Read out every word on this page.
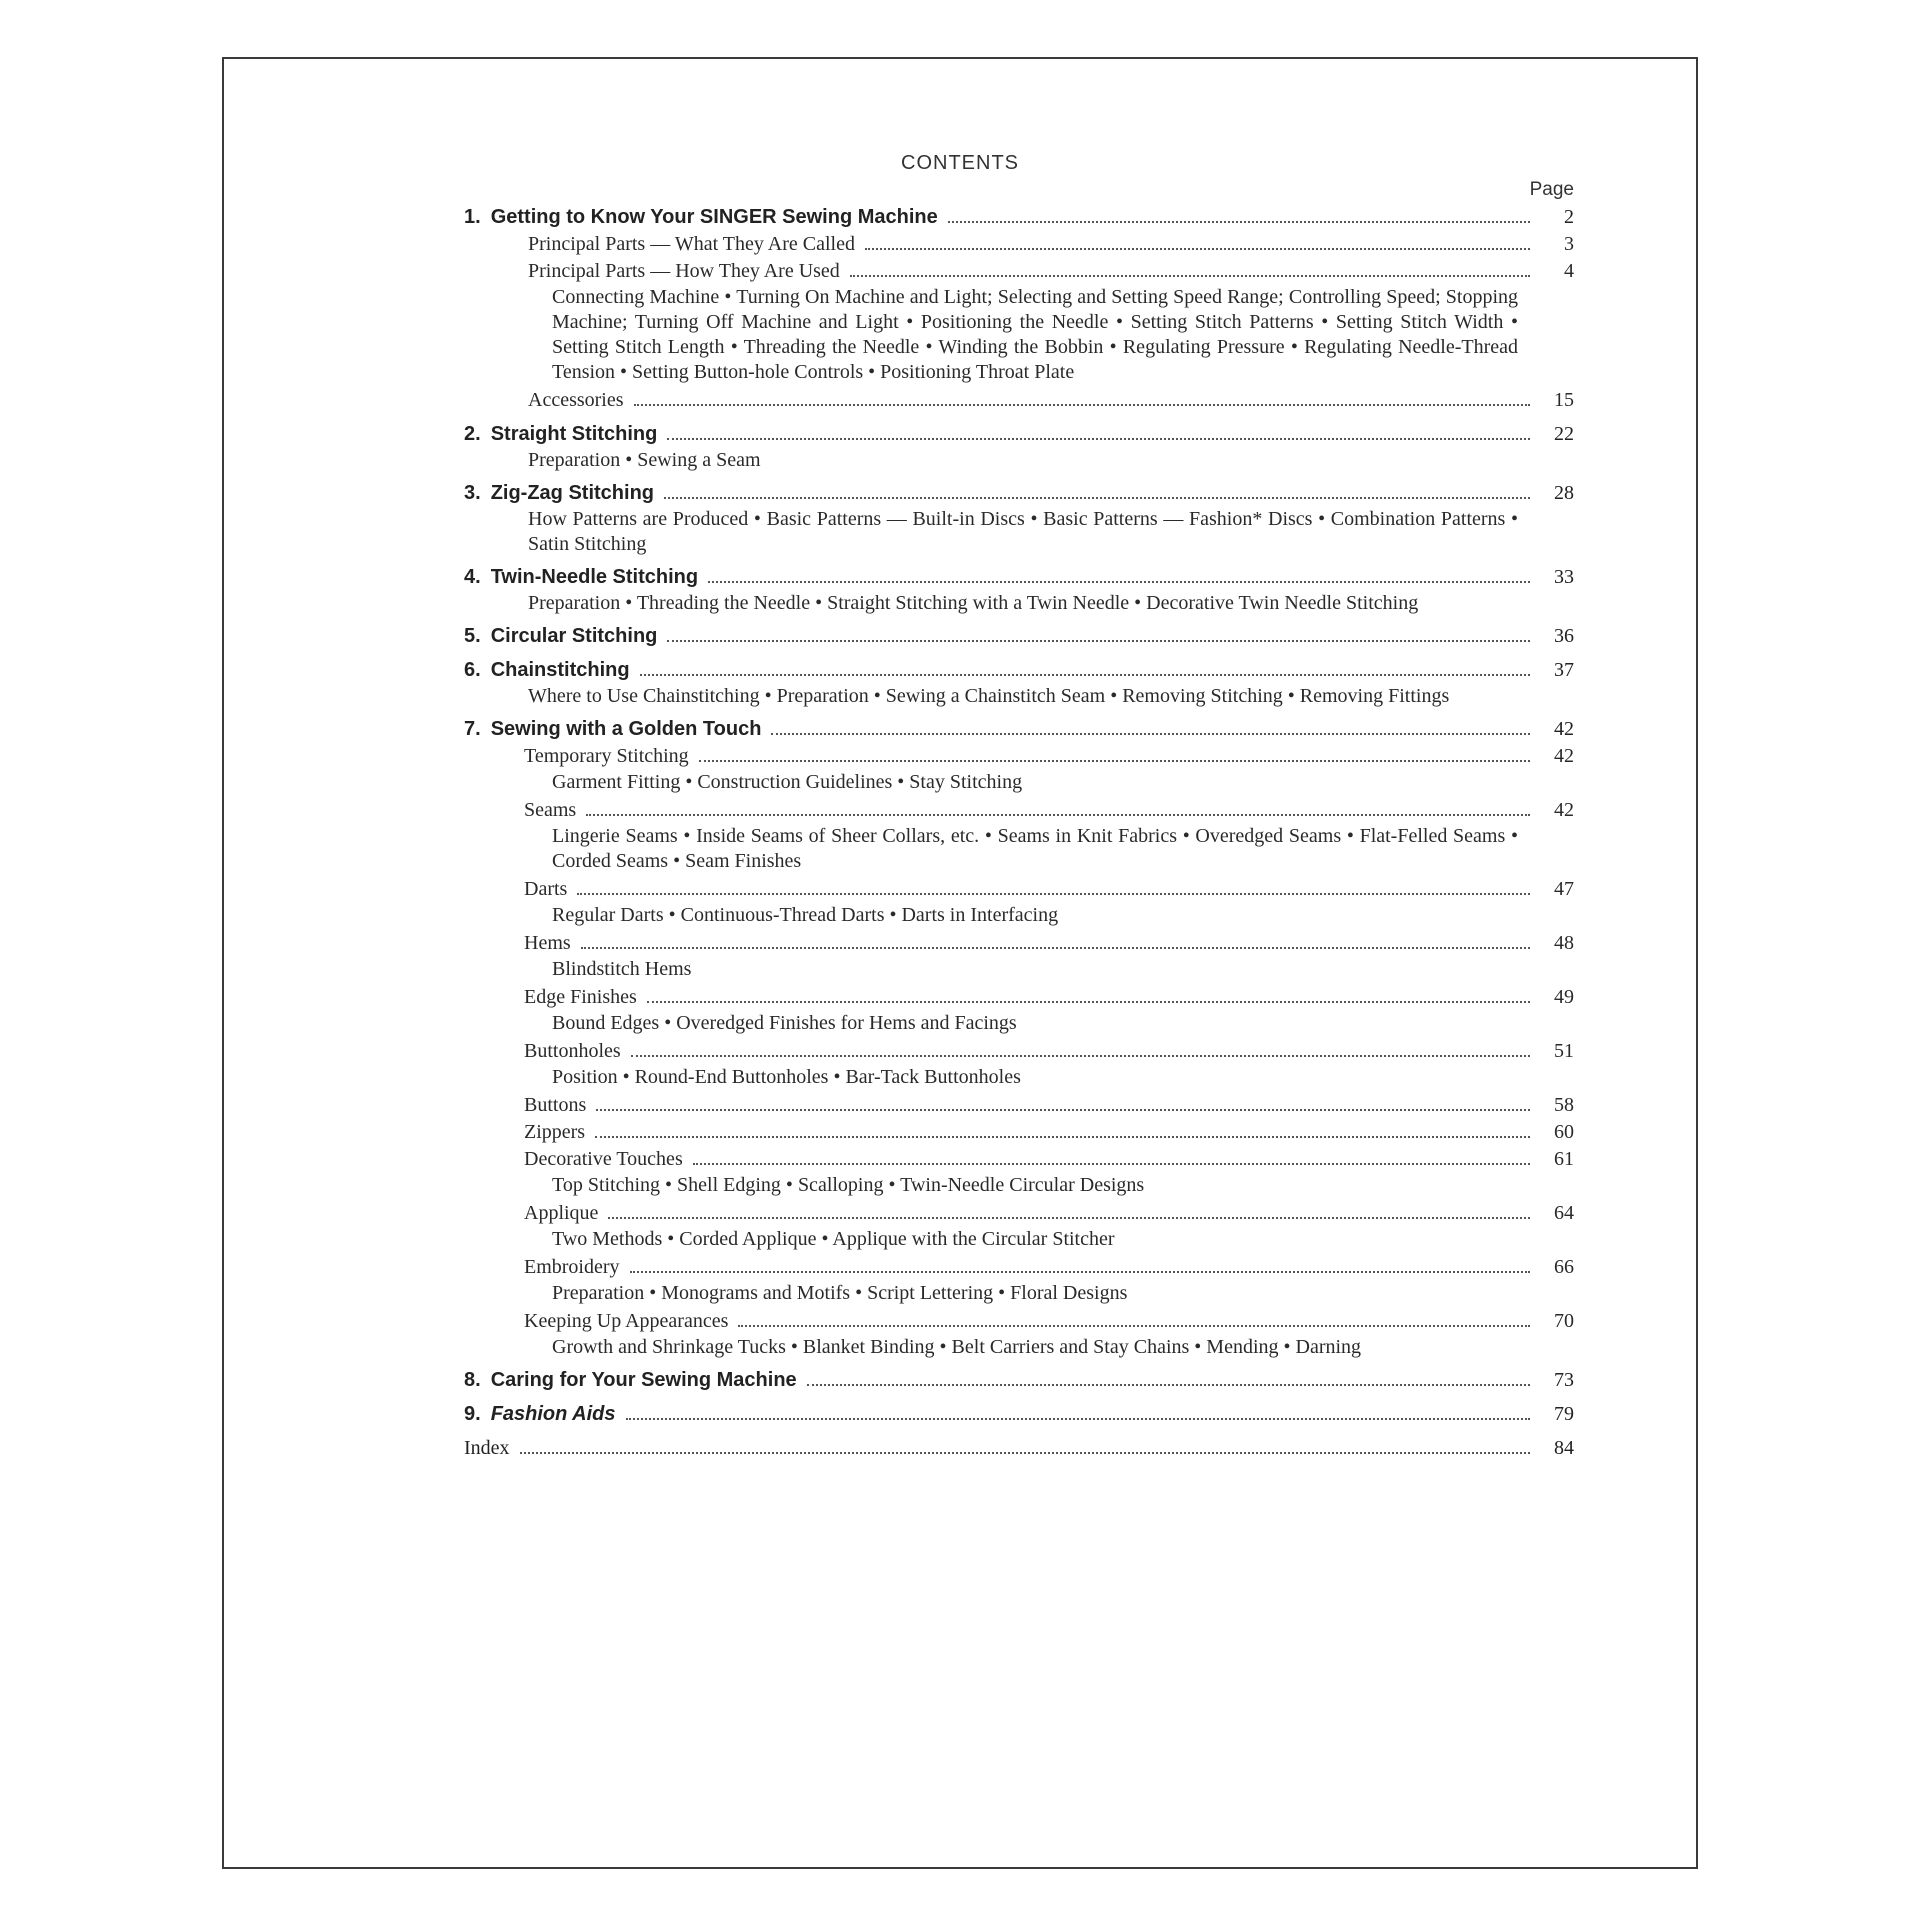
CONTENTS
Page
1. Getting to Know Your SINGER Sewing Machine	2
Principal Parts — What They Are Called	3
Principal Parts — How They Are Used	4
Connecting Machine • Turning On Machine and Light; Selecting and Setting Speed Range; Controlling Speed; Stopping Machine; Turning Off Machine and Light • Positioning the Needle • Setting Stitch Patterns • Setting Stitch Width • Setting Stitch Length • Threading the Needle • Winding the Bobbin • Regulating Pressure • Regulating Needle-Thread Tension • Setting Button-hole Controls • Positioning Throat Plate
Accessories	15
2. Straight Stitching	22
Preparation • Sewing a Seam
3. Zig-Zag Stitching	28
How Patterns are Produced • Basic Patterns — Built-in Discs • Basic Patterns — Fashion* Discs • Combination Patterns • Satin Stitching
4. Twin-Needle Stitching	33
Preparation • Threading the Needle • Straight Stitching with a Twin Needle • Decorative Twin Needle Stitching
5. Circular Stitching	36
6. Chainstitching	37
Where to Use Chainstitching • Preparation • Sewing a Chainstitch Seam • Removing Stitching • Removing Fittings
7. Sewing with a Golden Touch	42
Temporary Stitching	42
Garment Fitting • Construction Guidelines • Stay Stitching
Seams	42
Lingerie Seams • Inside Seams of Sheer Collars, etc. • Seams in Knit Fabrics • Overedged Seams • Flat-Felled Seams • Corded Seams • Seam Finishes
Darts	47
Regular Darts • Continuous-Thread Darts • Darts in Interfacing
Hems	48
Blindstitch Hems
Edge Finishes	49
Bound Edges • Overedged Finishes for Hems and Facings
Buttonholes	51
Position • Round-End Buttonholes • Bar-Tack Buttonholes
Buttons	58
Zippers	60
Decorative Touches	61
Top Stitching • Shell Edging • Scalloping • Twin-Needle Circular Designs
Applique	64
Two Methods • Corded Applique • Applique with the Circular Stitcher
Embroidery	66
Preparation • Monograms and Motifs • Script Lettering • Floral Designs
Keeping Up Appearances	70
Growth and Shrinkage Tucks • Blanket Binding • Belt Carriers and Stay Chains • Mending • Darning
8. Caring for Your Sewing Machine	73
9. Fashion Aids	79
Index	84
